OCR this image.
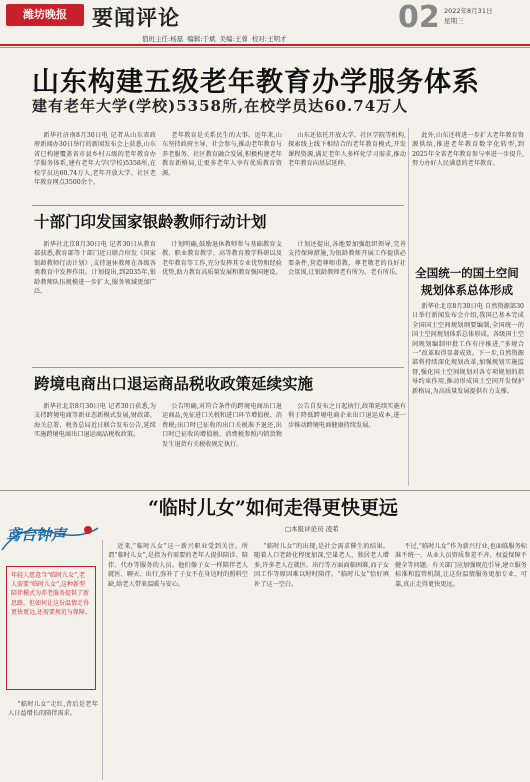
潍坊晚报	要闻评论	02 2022年8月31日
星期三
值班主任:杨磊 编辑:于斌 美编:王蓉 校对:王明才
山东构建五级老年教育办学服务体系
建有老年大学(学校)5358所,在校学员达60.74万人

新华社济南8月30日电 记者从山东省政府新闻办30日举行的新闻发布会上获悉,山东省已构建覆盖省市县乡村五级的老年教育办学服务体系,建有老年大学(学校)5358所,在校学员达60.74万人,老年开放大学、社区老年教育网点3500余个。

老年教育是关系民生的大事。近年来,山东坚持政府主导、社会参与,推动老年教育与养老服务、社区教育融合发展,积极构建老年教育新格局,让更多老年人享有优质教育资源。

山东还依托开放大学、社区学院等机构,探索线上线下相结合的老年教育模式,开发课程资源,满足老年人多样化学习需求,推动老年教育向基层延伸。

此外,山东还将进一步扩大老年教育资源供给,推进老年教育数字化转型,到2025年全省老年教育参与率进一步提升,努力办好人民满意的老年教育。

十部门印发国家银龄教师行动计划

新华社北京8月30日电 记者30日从教育部获悉,教育部等十部门近日联合印发《国家银龄教师行动计划》,支持退休教师在各级各类教育中发挥作用。计划提出,到2035年,银龄教师队伍规模进一步扩大,服务领域更加广泛。

计划明确,鼓励退休教师参与基础教育支教、职业教育教学、高等教育教学科研以及老年教育等工作,充分发挥其专业优势和经验优势,助力教育高质量发展和教育强国建设。

计划还提出,各地要加强组织领导,完善支持保障措施,为银龄教师开展工作提供必要条件,营造尊师重教、尊老敬老的良好社会氛围,让银龄教师老有所为、老有所乐。

跨境电商出口退运商品税收政策延续实施

新华社北京8月30日电 记者30日获悉,为支持跨境电商等新业态新模式发展,财政部、海关总署、税务总局近日联合发布公告,延续实施跨境电商出口退运商品税收政策。

公告明确,对符合条件的跨境电商出口退运商品,免征进口关税和进口环节增值税、消费税;出口时已征收的出口关税准予退还,出口时已征收的增值税、消费税参照内销货物发生退货有关税收规定执行。

公告自发布之日起执行,政策延续实施有利于降低跨境电商企业出口退运成本,进一步推动跨境电商健康持续发展。

全国统一的国土空间规划体系总体形成

新华社北京8月30日电 自然资源部30日举行新闻发布会介绍,我国已基本完成全国国土空间规划纲要编制,全国统一的国土空间规划体系总体形成。各级国土空间规划编制审批工作有序推进,“多规合一”改革取得显著成效。下一步,自然资源部将持续深化规划改革,加强规划实施监督,强化国土空间规划对各专项规划的指导约束作用,推动形成国土空间开发保护新格局,为高质量发展提供有力支撑。

鸢台钟声
“临时儿女”如何走得更快更远
□本报评论员 凌希
年轻人愿意当“临时儿女”,老人需要“临时儿女”,这种新型陪伴模式为养老服务提供了新思路。但如何让这份温情走得更快更远,还需要规范与保障。

“临时儿女”走红,背后是老年人日益增长的陪伴需求。

近来,“临时儿女”这一新兴职业受到关注。所谓“临时儿女”,是指为有需要的老年人提供陪诊、陪伴、代办等服务的人员。他们像子女一样陪伴老人就医、聊天、出行,弥补了子女不在身边时的照料空缺,给老人带来温暖与安心。

“临时儿女”的出现,是社会需求催生的结果。随着人口老龄化程度加深,空巢老人、独居老人增多,许多老人在就医、出行等方面面临困难,而子女因工作等原因难以时时陪伴。“临时儿女”恰好填补了这一空白。

不过,“临时儿女”作为新兴行业,也面临服务标准不统一、从业人员资质参差不齐、权益保障不健全等问题。有关部门应加强规范引导,建立服务标准和监管机制,让这份温情服务更加专业、可靠,真正走得更快更远。
